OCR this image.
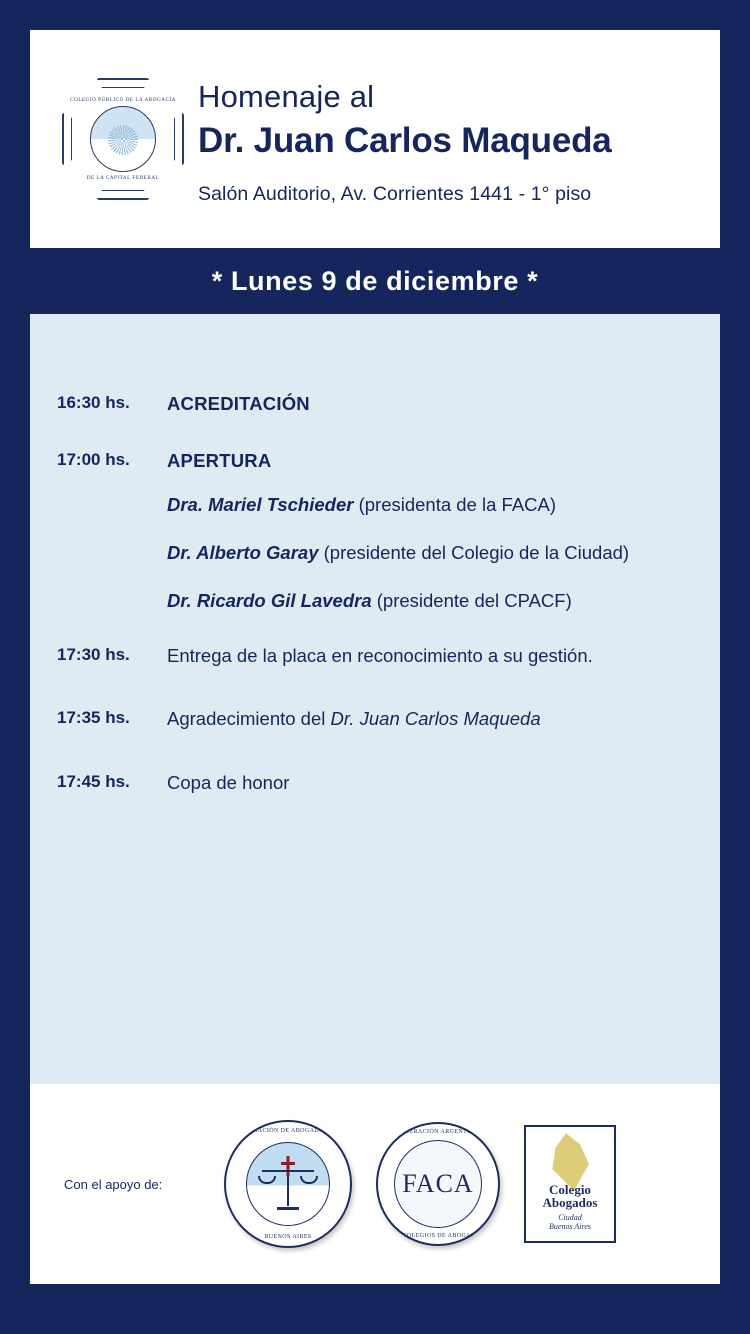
COLEGIO PÚBLICO DE LA ABOGACÍA
DE LA CAPITAL FEDERAL
Homenaje al
Dr. Juan Carlos Maqueda
Salón Auditorio, Av. Corrientes 1441 - 1° piso
* Lunes 9 de diciembre *
16:30 hs.	ACREDITACIÓN
17:00 hs.	APERTURA
Dra. Mariel Tschieder (presidenta de la FACA)
Dr. Alberto Garay (presidente del Colegio de la Ciudad)
Dr. Ricardo Gil Lavedra (presidente del CPACF)
17:30 hs.	Entrega de la placa en reconocimiento a su gestión.
17:35 hs.	Agradecimiento del Dr. Juan Carlos Maqueda
17:45 hs.	Copa de honor
Con el apoyo de:
ASOCIACIÓN DE ABOGADOS DE
BUENOS AIRES
FEDERACIÓN ARGENTINA
FACA
DE COLEGIOS DE ABOGADOS
Colegio
Abogados
Ciudad
Buenos Aires
